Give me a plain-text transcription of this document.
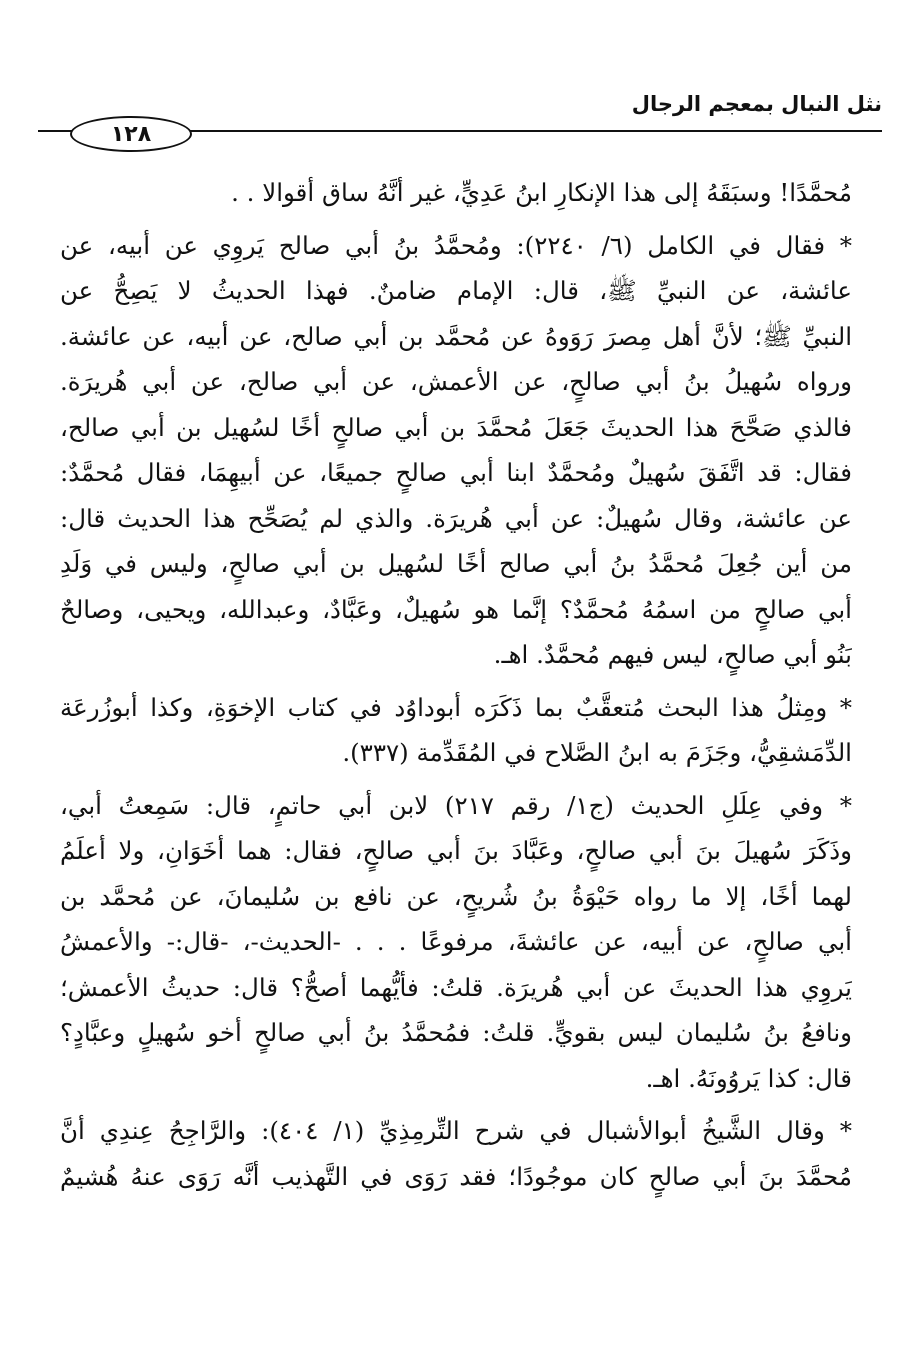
نثل النبال بمعجم الرجال
١٢٨
مُحمَّدًا! وسبَقَهُ إلى هذا الإنكارِ ابنُ عَدِيٍّ، غير أنَّهُ ساق أقوالا . .
* فقال في الكامل (٦/ ٢٢٤٠): ومُحمَّدُ بنُ أبي صالح يَروِي عن أبيه، عن
عائشة، عن النبيِّ ﷺ، قال: الإمام ضامنٌ. فهذا الحديثُ لا يَصِحُّ عن
النبيِّ ﷺ؛ لأنَّ أهل مِصرَ رَوَوهُ عن مُحمَّد بن أبي صالح، عن أبيه، عن عائشة.
ورواه سُهيلُ بنُ أبي صالحٍ، عن الأعمش، عن أبي صالح، عن أبي هُريرَة.
فالذي صَحَّحَ هذا الحديثَ جَعَلَ مُحمَّدَ بن أبي صالحٍ أخًا لسُهيل بن أبي صالح،
فقال: قد اتَّفَقَ سُهيلٌ ومُحمَّدٌ ابنا أبي صالحٍ جميعًا، عن أبيهِمَا، فقال مُحمَّدٌ:
عن عائشة، وقال سُهيلٌ: عن أبي هُريرَة. والذي لم يُصَحِّح هذا الحديث قال:
من أين جُعِلَ مُحمَّدُ بنُ أبي صالح أخًا لسُهيل بن أبي صالحٍ، وليس في وَلَدِ
أبي صالحٍ من اسمُهُ مُحمَّدٌ؟ إنَّما هو سُهيلٌ، وعَبَّادٌ، وعبدالله، ويحيى، وصالحٌ
بَنُو أبي صالحٍ، ليس فيهم مُحمَّدٌ. اهـ.
* ومِثلُ هذا البحث مُتعقَّبٌ بما ذَكَرَه أبوداوُد في كتاب الإخوَةِ، وكذا أبوزُرعَة
الدِّمَشقِيُّ، وجَزَمَ به ابنُ الصَّلاح في المُقَدِّمة (٣٣٧).
* وفي عِلَلِ الحديث (ج١/ رقم ٢١٧) لابن أبي حاتمٍ، قال: سَمِعتُ أبي،
وذَكَرَ سُهيلَ بنَ أبي صالحٍ، وعَبَّادَ بنَ أبي صالحٍ، فقال: هما أخَوَانِ، ولا أعلَمُ
لهما أخًا، إلا ما رواه حَيْوَةُ بنُ شُريحٍ، عن نافع بن سُليمانَ، عن مُحمَّد بن
أبي صالحٍ، عن أبيه، عن عائشةَ، مرفوعًا . . . -الحديث-، -قال:- والأعمشُ
يَروِي هذا الحديثَ عن أبي هُريرَة. قلتُ: فأيُّهما أصحُّ؟ قال: حديثُ الأعمش؛
ونافعُ بنُ سُليمان ليس بقويٍّ. قلتُ: فمُحمَّدُ بنُ أبي صالحٍ أخو سُهيلٍ وعبَّادٍ؟
قال: كذا يَروُونَهُ. اهـ.
* وقال الشَّيخُ أبوالأشبال في شرح التِّرمِذِيِّ (١/ ٤٠٤): والرَّاجِحُ عِندِي أنَّ
مُحمَّدَ بنَ أبي صالحٍ كان موجُودًا؛ فقد رَوَى في التَّهذيب أنَّه رَوَى عنهُ هُشيمٌ
